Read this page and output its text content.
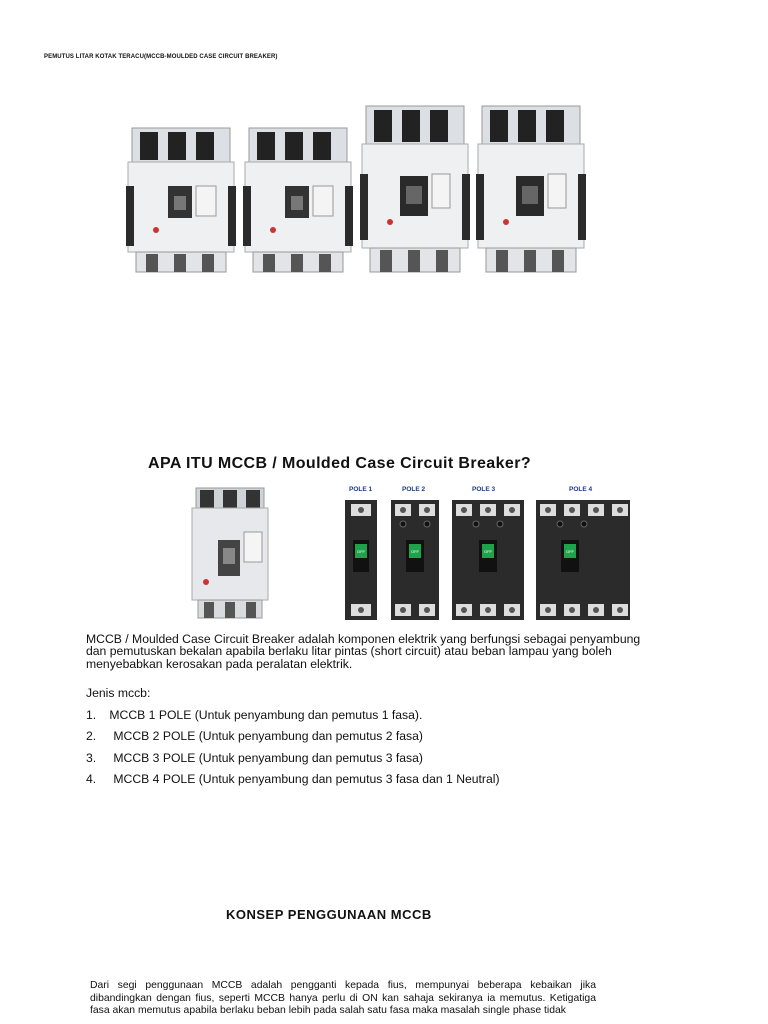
PEMUTUS LITAR KOTAK TERACU(MCCB-MOULDED CASE CIRCUIT BREAKER)
APA ITU MCCB / Moulded Case Circuit Breaker?
POLE 1	POLE 2	POLE 3	POLE 4
OFF	OFF	OFF	OFF
MCCB / Moulded Case Circuit Breaker adalah komponen elektrik yang berfungsi sebagai penyambung dan pemutuskan bekalan apabila berlaku litar pintas (short circuit) atau beban lampau yang boleh menyebabkan kerosakan pada peralatan elektrik.
Jenis mccb:
1. MCCB 1 POLE (Untuk penyambung dan pemutus 1 fasa).
2. MCCB 2 POLE (Untuk penyambung dan pemutus 2 fasa)
3. MCCB 3 POLE (Untuk penyambung dan pemutus 3 fasa)
4. MCCB 4 POLE (Untuk penyambung dan pemutus 3 fasa dan 1 Neutral)
KONSEP PENGGUNAAN MCCB
Dari segi penggunaan MCCB adalah pengganti kepada fius, mempunyai beberapa kebaikan jika dibandingkan dengan fius, seperti MCCB hanya perlu di ON kan sahaja sekiranya ia memutus. Ketigatiga fasa akan memutus apabila berlaku beban lebih pada salah satu fasa maka masalah single phase tidak
